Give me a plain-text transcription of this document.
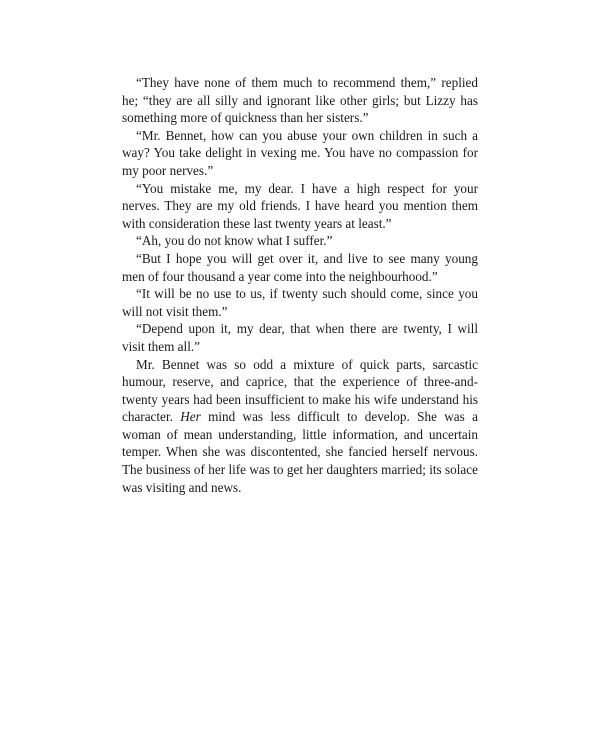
“They have none of them much to recommend them,” replied he; “they are all silly and ignorant like other girls; but Lizzy has something more of quickness than her sisters.”

“Mr. Bennet, how can you abuse your own children in such a way? You take delight in vexing me. You have no compassion for my poor nerves.”

“You mistake me, my dear. I have a high respect for your nerves. They are my old friends. I have heard you mention them with consideration these last twenty years at least.”

“Ah, you do not know what I suffer.”

“But I hope you will get over it, and live to see many young men of four thousand a year come into the neighbourhood.”

“It will be no use to us, if twenty such should come, since you will not visit them.”

“Depend upon it, my dear, that when there are twenty, I will visit them all.”

Mr. Bennet was so odd a mixture of quick parts, sarcastic humour, reserve, and caprice, that the experience of three-and-twenty years had been insufficient to make his wife understand his character. Her mind was less difficult to develop. She was a woman of mean understanding, little information, and uncertain temper. When she was discontented, she fancied herself nervous. The business of her life was to get her daughters married; its solace was visiting and news.
